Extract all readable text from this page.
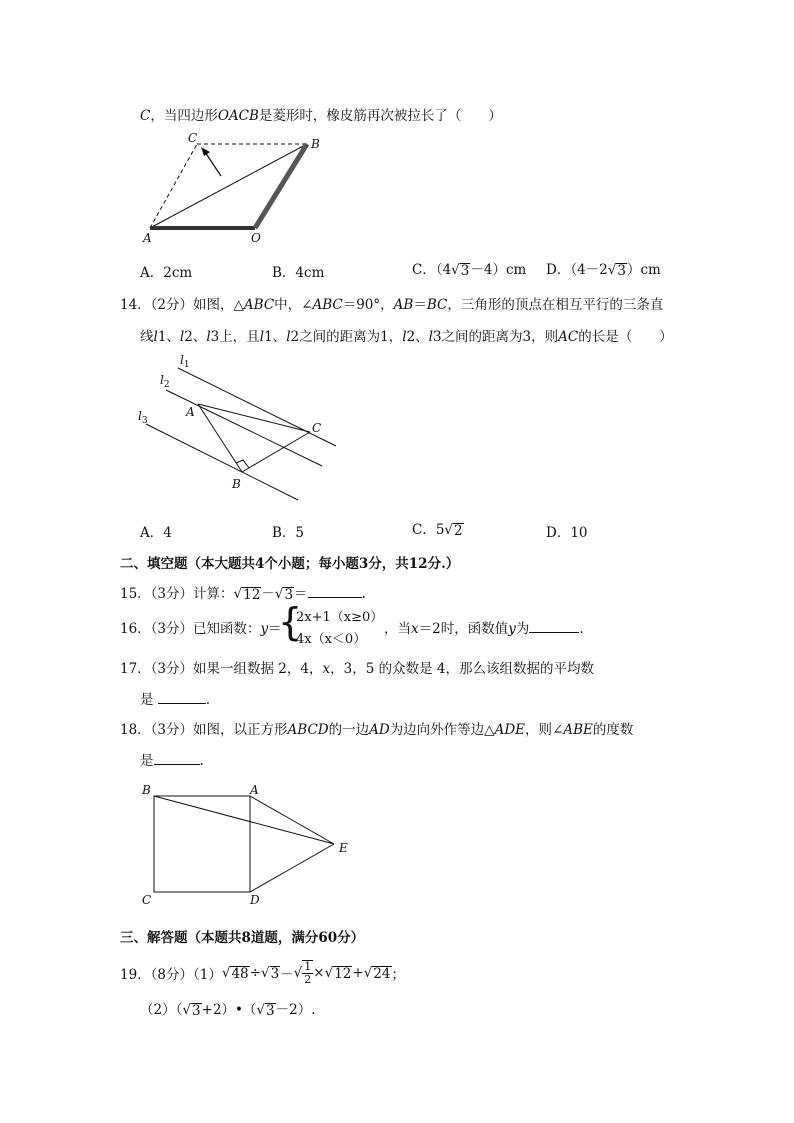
C，当四边形OACB是菱形时，橡皮筋再次被拉长了（　　）
C	B
A	O
A．2cm	B．4cm	C．（4√ 3 －4）cm D．（4－2√ 3 ）cm
14．（2分）如图，△ABC中，∠ABC＝90°，AB＝BC，三角形的顶点在相互平行的三条直
线l1、l2、l3上，且l1、l2之间的距离为1，l2、l3之间的距离为3，则AC的长是（　　）
$l_1$
$l_2$
$l_3$
A
C
B
A．4	B．5	C．5√ 2	D．10
二、填空题（本大题共4个小题；每小题3分，共12分.）
15．（3分）计算：√ 12 －√ 3 ＝	.
16．（3分）已知函数：y＝
{
2x+1（x≥0）
4x（x＜0）
，当x＝2时，函数值y为	.
17．（3分）如果一组数据 2，4，x，3，5 的众数是 4，那么该组数据的平均数
是	.
18．（3分）如图，以正方形ABCD的一边AD为边向外作等边△ADE，则∠ABE的度数
是	.
B	A
E
C	D
三、解答题（本题共8道题，满分60分）
19．（8分）（1） √ 48 ÷ √ 3 － √ $\frac{1}{2}$ × √ 12 + √ 24 ；
（2）（√ 3 +2）•（√ 3 －2）.
